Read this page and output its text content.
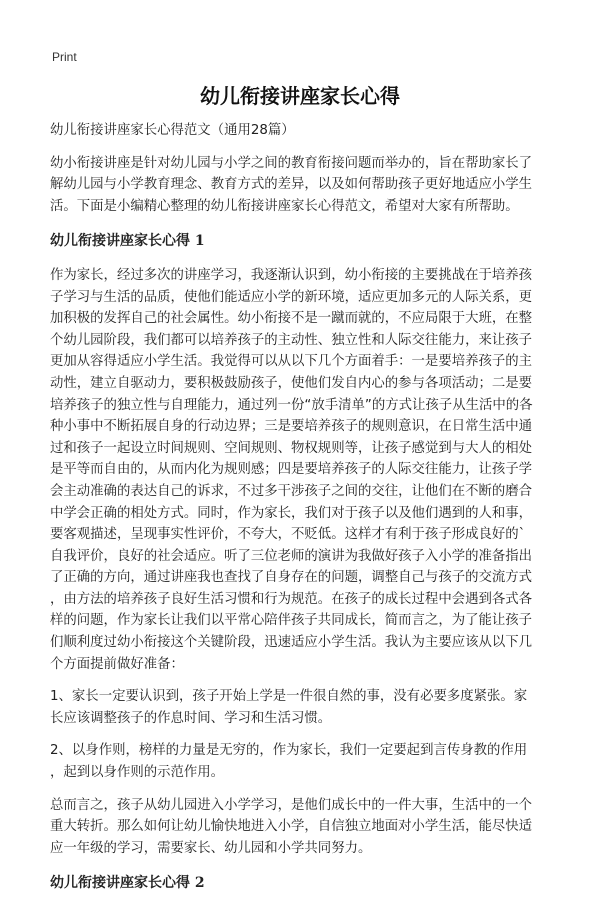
Print
幼儿衔接讲座家长心得
幼儿衔接讲座家长心得范文（通用28篇）
幼小衔接讲座是针对幼儿园与小学之间的教育衔接问题而举办的，旨在帮助家长了
解幼儿园与小学教育理念、教育方式的差异，以及如何帮助孩子更好地适应小学生
活。下面是小编精心整理的幼儿衔接讲座家长心得范文，希望对大家有所帮助。
幼儿衔接讲座家长心得 1
作为家长，经过多次的讲座学习，我逐渐认识到，幼小衔接的主要挑战在于培养孩
子学习与生活的品质，使他们能适应小学的新环境，适应更加多元的人际关系，更
加积极的发挥自己的社会属性。幼小衔接不是一蹴而就的，不应局限于大班，在整
个幼儿园阶段，我们都可以培养孩子的主动性、独立性和人际交往能力，来让孩子
更加从容得适应小学生活。我觉得可以从以下几个方面着手：一是要培养孩子的主
动性，建立自驱动力，要积极鼓励孩子，使他们发自内心的参与各项活动；二是要
培养孩子的独立性与自理能力，通过列一份“放手清单”的方式让孩子从生活中的各
种小事中不断拓展自身的行动边界；三是要培养孩子的规则意识，在日常生活中通
过和孩子一起设立时间规则、空间规则、物权规则等，让孩子感觉到与大人的相处
是平等而自由的，从而内化为规则感；四是要培养孩子的人际交往能力，让孩子学
会主动准确的表达自己的诉求，不过多干涉孩子之间的交往，让他们在不断的磨合
中学会正确的相处方式。同时，作为家长，我们对于孩子以及他们遇到的人和事，
要客观描述，呈现事实性评价，不夸大，不贬低。这样才有利于孩子形成良好的`
自我评价，良好的社会适应。听了三位老师的演讲为我做好孩子入小学的准备指出
了正确的方向，通过讲座我也查找了自身存在的问题，调整自己与孩子的交流方式
，由方法的培养孩子良好生活习惯和行为规范。在孩子的成长过程中会遇到各式各
样的问题，作为家长让我们以平常心陪伴孩子共同成长，简而言之，为了能让孩子
们顺利度过幼小衔接这个关键阶段，迅速适应小学生活。我认为主要应该从以下几
个方面提前做好准备：
1、家长一定要认识到，孩子开始上学是一件很自然的事，没有必要多度紧张。家
长应该调整孩子的作息时间、学习和生活习惯。
2、以身作则，榜样的力量是无穷的，作为家长，我们一定要起到言传身教的作用
，起到以身作则的示范作用。
总而言之，孩子从幼儿园进入小学学习，是他们成长中的一件大事，生活中的一个
重大转折。那么如何让幼儿愉快地进入小学，自信独立地面对小学生活，能尽快适
应一年级的学习，需要家长、幼儿园和小学共同努力。
幼儿衔接讲座家长心得 2
